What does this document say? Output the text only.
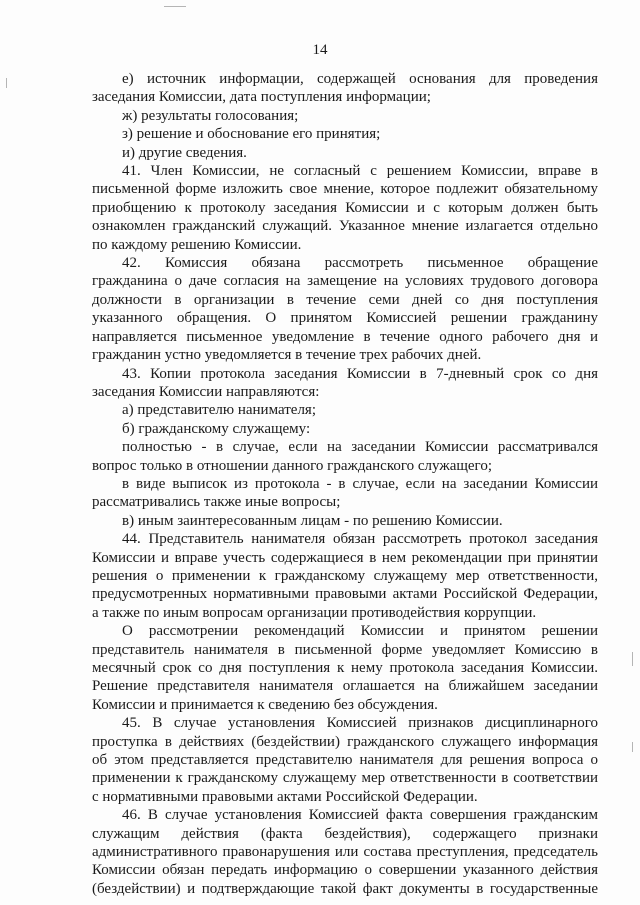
14

е) источник информации, содержащей основания для проведения

заседания Комиссии, дата поступления информации;

ж) результаты голосования;

з) решение и обоснование его принятия;

и) другие сведения.

41. Член Комиссии, не согласный с решением Комиссии, вправе в

письменной форме изложить свое мнение, которое подлежит обязательному

приобщению к протоколу заседания Комиссии и с которым должен быть

ознакомлен гражданский служащий. Указанное мнение излагается отдельно

по каждому решению Комиссии.

42. Комиссия обязана рассмотреть письменное обращение

гражданина о даче согласия на замещение на условиях трудового договора

должности в организации в течение семи дней со дня поступления

указанного обращения. О принятом Комиссией решении гражданину

направляется письменное уведомление в течение одного рабочего дня и

гражданин устно уведомляется в течение трех рабочих дней.

43. Копии протокола заседания Комиссии в 7-дневный срок со дня

заседания Комиссии направляются:

а) представителю нанимателя;

б) гражданскому служащему:

полностью - в случае, если на заседании Комиссии рассматривался

вопрос только в отношении данного гражданского служащего;

в виде выписок из протокола - в случае, если на заседании Комиссии

рассматривались также иные вопросы;

в) иным заинтересованным лицам - по решению Комиссии.

44. Представитель нанимателя обязан рассмотреть протокол заседания

Комиссии и вправе учесть содержащиеся в нем рекомендации при принятии

решения о применении к гражданскому служащему мер ответственности,

предусмотренных нормативными правовыми актами Российской Федерации,

а также по иным вопросам организации противодействия коррупции.

О рассмотрении рекомендаций Комиссии и принятом решении

представитель нанимателя в письменной форме уведомляет Комиссию в

месячный срок со дня поступления к нему протокола заседания Комиссии.

Решение представителя нанимателя оглашается на ближайшем заседании

Комиссии и принимается к сведению без обсуждения.

45. В случае установления Комиссией признаков дисциплинарного

проступка в действиях (бездействии) гражданского служащего информация

об этом представляется представителю нанимателя для решения вопроса о

применении к гражданскому служащему мер ответственности в соответствии

с нормативными правовыми актами Российской Федерации.

46. В случае установления Комиссией факта совершения гражданским

служащим действия (факта бездействия), содержащего признаки

административного правонарушения или состава преступления, председатель

Комиссии обязан передать информацию о совершении указанного действия

(бездействии) и подтверждающие такой факт документы в государственные
